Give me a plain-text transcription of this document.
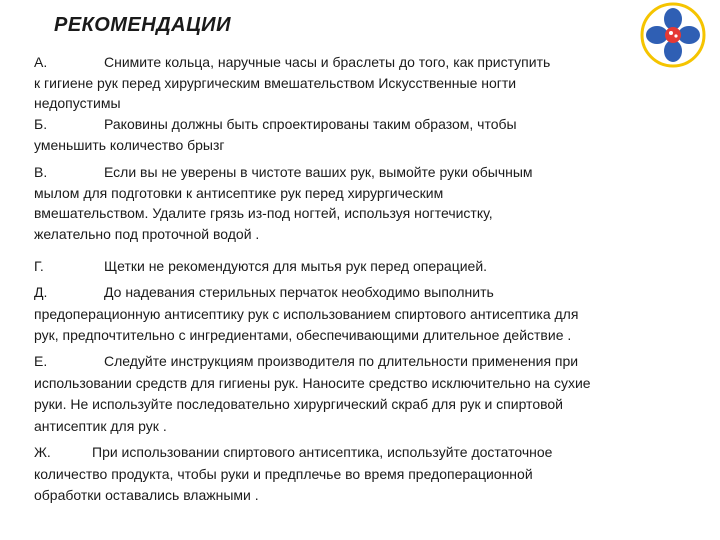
РЕКОМЕНДАЦИИ
А.	Снимите кольца, наручные часы и браслеты до того, как приступить
к гигиене рук перед хирургическим вмешательством Искусственные ногти
недопустимы
Б.	Раковины должны быть спроектированы таким образом, чтобы
уменьшить количество брызг
В.	Если вы не уверены в чистоте ваших рук, вымойте руки обычным
мылом для подготовки к антисептике рук перед хирургическим
вмешательством. Удалите грязь из-под ногтей, используя ногтечистку,
желательно под проточной водой .
Г.	Щетки не рекомендуются для мытья рук перед операцией.
Д.	До надевания стерильных перчаток необходимо выполнить
предоперационную антисептику рук с использованием спиртового антисептика для
рук, предпочтительно с ингредиентами, обеспечивающими длительное действие .
Е.	Следуйте инструкциям производителя по длительности применения при
использовании средств для гигиены рук. Наносите средство исключительно на сухие
руки. Не используйте последовательно хирургический скраб для рук и спиртовой
антисептик для рук .
Ж.	При использовании спиртового антисептика, используйте достаточное
количество продукта, чтобы руки и предплечье во время предоперационной
обработки оставались влажными .
